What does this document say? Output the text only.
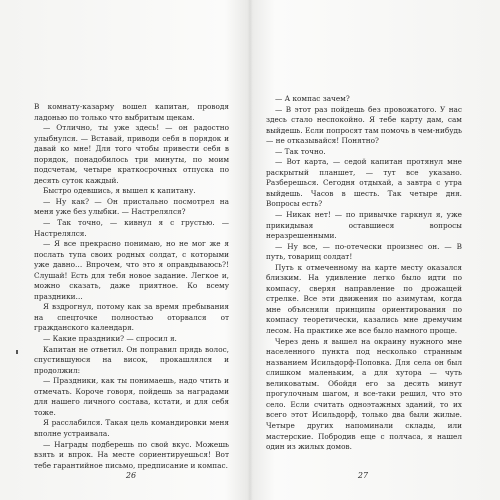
В комнату-казарму вошел капитан, проводя ладонью по только что выбритым щекам.

— Отлично, ты уже здесь! — он радостно улыбнулся. — Вставай, приводи себя в порядок и давай ко мне! Для того чтобы привести себя в порядок, понадобилось три минуты, по моим подсчетам, четыре краткосрочных отпуска по десять суток каждый.

Быстро одевшись, я вышел к капитану.

— Ну как? — Он пристально посмотрел на меня уже без улыбки. — Настрелялся?

— Так точно, — кивнул я с грустью. — Настрелялся.

— Я все прекрасно понимаю, но не мог же я послать тупа своих родных солдат, с которыми уже давно… Впрочем, что это я оправдываюсь?! Слушай! Есть для тебя новое задание. Легкое и, можно сказать, даже приятное. Ко всему праздники…

Я вздрогнул, потому как за время пребывания на спецточке полностью оторвался от гражданского календаря.

— Какие праздники? — спросил я.

Капитан не ответил. Он поправил прядь волос, спустившуюся на висок, прокашлялся и продолжил:

— Праздники, как ты понимаешь, надо чтить и отмечать. Короче говоря, пойдешь за наградами для нашего личного состава, кстати, и для себя тоже.

Я расслабился. Такая цель командировки меня вполне устраивала.

— Награды подберешь по свой вкус. Можешь взять и впрок. На месте сориентируешься! Вот тебе гарантийное письмо, предписание и компас.

26

— А компас зачем?

— В этот раз пойдешь без провожатого. У нас здесь стало неспокойно. Я тебе карту дам, сам выйдешь. Если попросят там помочь в чем-нибудь — не отказывайся! Понятно?

— Так точно.

— Вот карта, — седой капитан протянул мне раскрытый планшет, — тут все указано. Разберешься. Сегодня отдыхай, а завтра с утра выйдешь. Часов в шесть. Так четыре дня. Вопросы есть?

— Никак нет! — по привычке гаркнул я, уже прикидывая оставшиеся вопросы неразрешенными.

— Ну все, — по-отечески произнес он. — В путь, товарищ солдат!

Путь к отмеченному на карте месту оказался близким. На удивление легко было идти по компасу, сверяя направление по дрожащей стрелке. Все эти движения по азимутам, когда мне объясняли принципы ориентирования по компасу теоретически, казались мне дремучим лесом. На практике же все было намного проще.

Через день я вышел на окраину нужного мне населенного пункта под несколько странным названием Исильдорф-Поповка. Для села он был слишком маленьким, а для хутора — чуть великоватым. Обойдя его за десять минут прогулочным шагом, я все-таки решил, что это село. Если считать одноэтажных зданий, то их всего этот Исильдорф, только два были жилые. Четыре других напоминали склады, или мастерские. Побродив еще с полчаса, я нашел один из жилых домов.

27
